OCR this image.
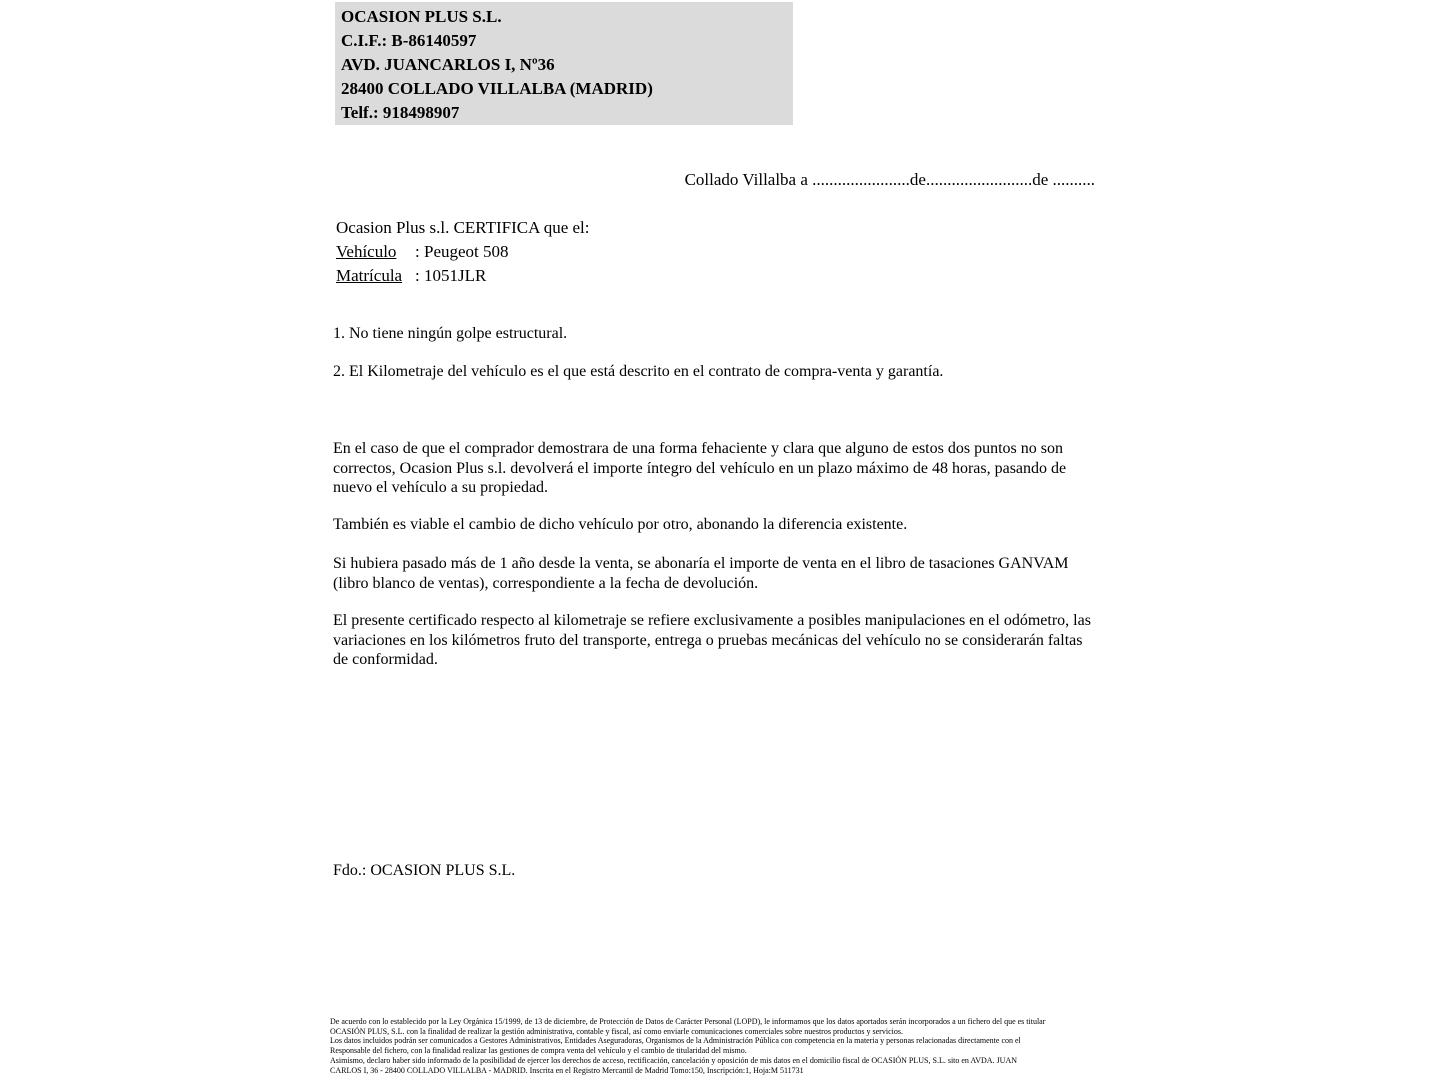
OCASION PLUS S.L.
C.I.F.: B-86140597
AVD. JUANCARLOS I, Nº36
28400 COLLADO VILLALBA (MADRID)
Telf.: 918498907
Collado Villalba a .......................de.........................de ..........
Ocasion Plus s.l. CERTIFICA que el:
Vehículo : Peugeot 508
Matrícula : 1051JLR
1. No tiene ningún golpe estructural.
2. El Kilometraje del vehículo es el que está descrito en el contrato de compra-venta y garantía.
En el caso de que el comprador demostrara de una forma fehaciente y clara que alguno de estos dos puntos no son correctos, Ocasion Plus s.l. devolverá el importe íntegro del vehículo en un plazo máximo de 48 horas, pasando de nuevo el vehículo a su propiedad.
También es viable el cambio de dicho vehículo por otro, abonando la diferencia existente.
Si hubiera pasado más de 1 año desde la venta, se abonaría el importe de venta en el libro de tasaciones GANVAM (libro blanco de ventas), correspondiente a la fecha de devolución.
El presente certificado respecto al kilometraje se refiere exclusivamente a posibles manipulaciones en el odómetro, las variaciones en los kilómetros fruto del transporte, entrega o pruebas mecánicas del vehículo no se considerarán faltas de conformidad.
Fdo.: OCASION PLUS S.L.
De acuerdo con lo establecido por la Ley Orgánica 15/1999, de 13 de diciembre, de Protección de Datos de Carácter Personal (LOPD), le informamos que los datos aportados serán incorporados a un fichero del que es titular
OCASIÓN PLUS, S.L. con la finalidad de realizar la gestión administrativa, contable y fiscal, así como enviarle comunicaciones comerciales sobre nuestros productos y servicios.
Los datos incluidos podrán ser comunicados a Gestores Administrativos, Entidades Aseguradoras, Organismos de la Administración Pública con competencia en la materia y personas relacionadas directamente con el
Responsable del fichero, con la finalidad realizar las gestiones de compra venta del vehículo y el cambio de titularidad del mismo.
Asimismo, declaro haber sido informado de la posibilidad de ejercer los derechos de acceso, rectificación, cancelación y oposición de mis datos en el domicilio fiscal de OCASIÓN PLUS, S.L. sito en AVDA. JUAN
CARLOS I, 36 - 28400 COLLADO VILLALBA - MADRID. Inscrita en el Registro Mercantil de Madrid Tomo:150, Inscripción:1, Hoja:M 511731
